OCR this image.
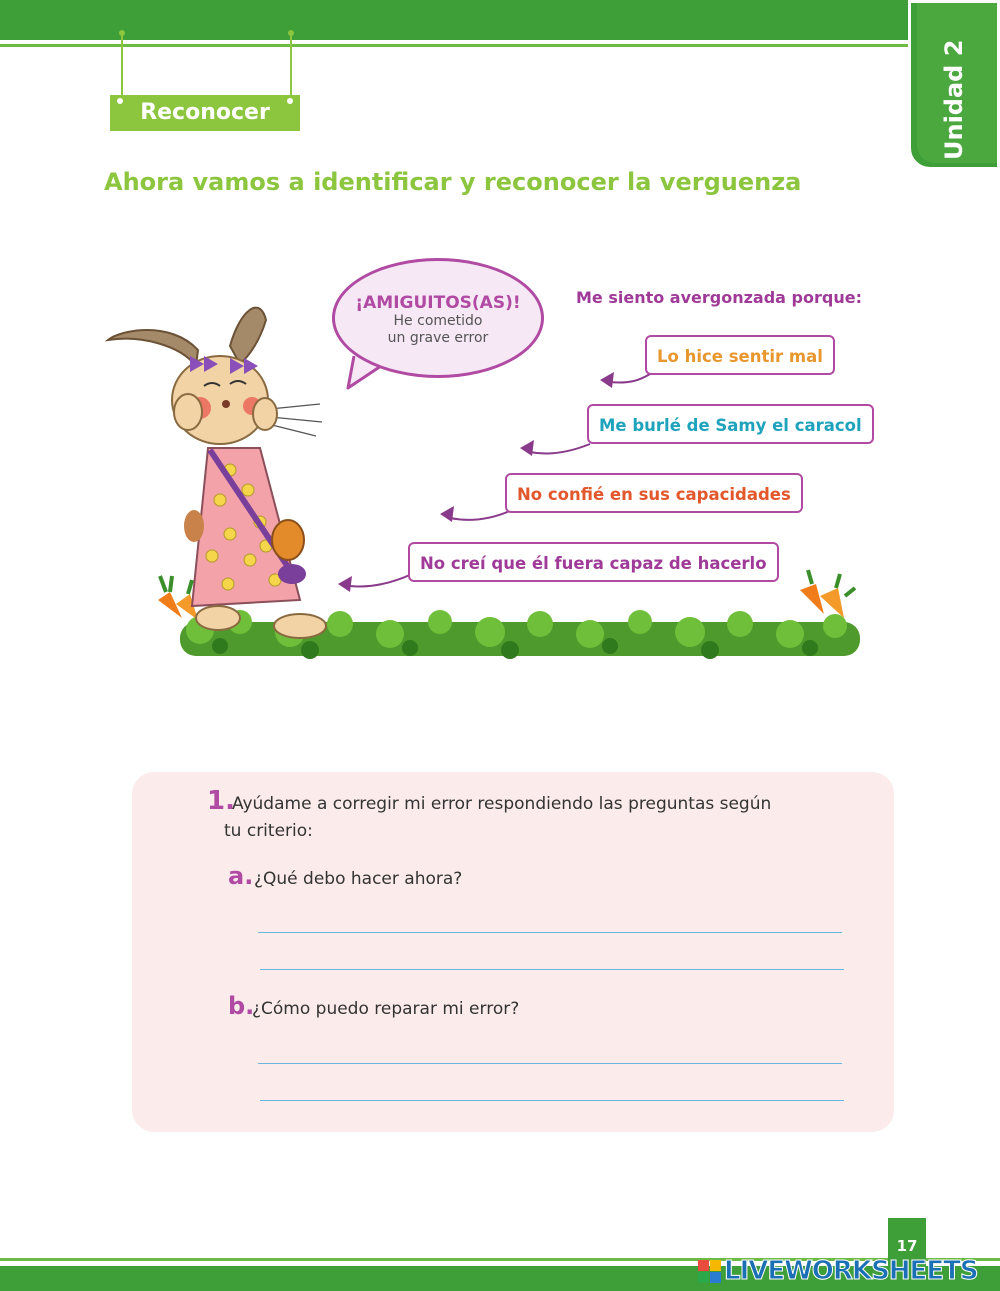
Unidad 2
Reconocer
Ahora vamos a identificar y reconocer la verguenza
¡AMIGUITOS(AS)!
He cometido
un grave error
Me siento avergonzada porque:
Lo hice sentir mal
Me burlé de Samy el caracol
No confié en sus capacidades
No creí que él fuera capaz de hacerlo
1.
Ayúdame a corregir mi error respondiendo las preguntas según
tu criterio:
a. ¿Qué debo hacer ahora?
b.
¿Cómo puedo reparar mi error?
17
LIVEWORKSHEETS
